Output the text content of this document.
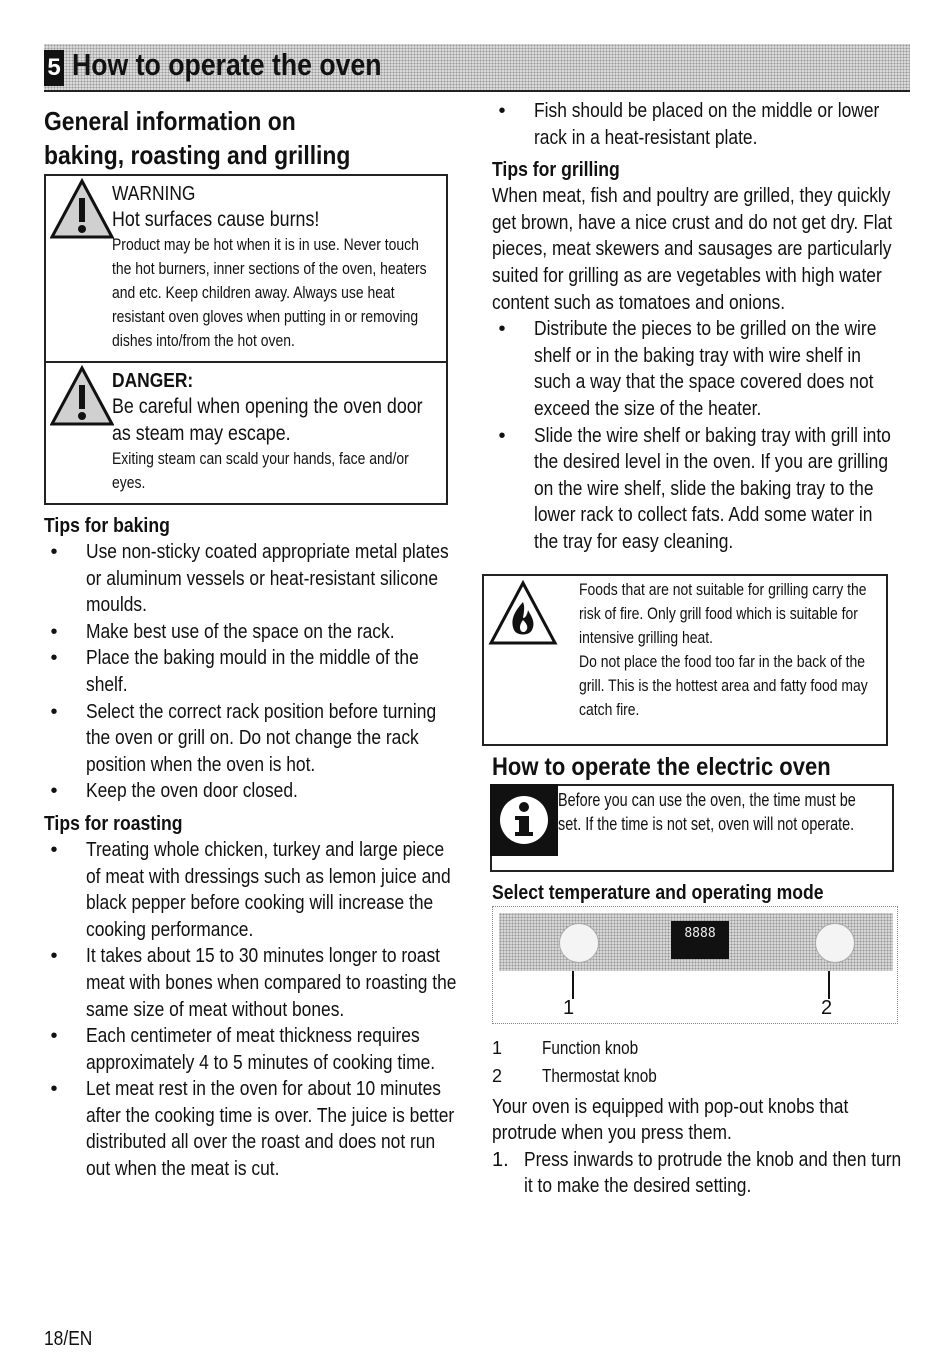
5 How to operate the oven
General information on baking, roasting and grilling
WARNING
Hot surfaces cause burns!
Product may be hot when it is in use. Never touch the hot burners, inner sections of the oven, heaters and etc. Keep children away. Always use heat resistant oven gloves when putting in or removing dishes into/from the hot oven.
DANGER:
Be careful when opening the oven door as steam may escape.
Exiting steam can scald your hands, face and/or eyes.
Tips for baking
•	Use non-sticky coated appropriate metal plates or aluminum vessels or heat-resistant silicone moulds.
•	Make best use of the space on the rack.
•	Place the baking mould in the middle of the shelf.
•	Select the correct rack position before turning the oven or grill on. Do not change the rack position when the oven is hot.
•	Keep the oven door closed.
Tips for roasting
•	Treating whole chicken, turkey and large piece of meat with dressings such as lemon juice and black pepper before cooking will increase the cooking performance.
•	It takes about 15 to 30 minutes longer to roast meat with bones when compared to roasting the same size of meat without bones.
•	Each centimeter of meat thickness requires approximately 4 to 5 minutes of cooking time.
•	Let meat rest in the oven for about 10 minutes after the cooking time is over. The juice is better distributed all over the roast and does not run out when the meat is cut.
•	Fish should be placed on the middle or lower rack in a heat-resistant plate.
Tips for grilling
When meat, fish and poultry are grilled, they quickly get brown, have a nice crust and do not get dry. Flat pieces, meat skewers and sausages are particularly suited for grilling as are vegetables with high water content such as tomatoes and onions.
•	Distribute the pieces to be grilled on the wire shelf or in the baking tray with wire shelf in such a way that the space covered does not exceed the size of the heater.
•	Slide the wire shelf or baking tray with grill into the desired level in the oven. If you are grilling on the wire shelf, slide the baking tray to the lower rack to collect fats. Add some water in the tray for easy cleaning.
Foods that are not suitable for grilling carry the risk of fire. Only grill food which is suitable for intensive grilling heat.
Do not place the food too far in the back of the grill. This is the hottest area and fatty food may catch fire.
How to operate the electric oven
Before you can use the oven, the time must be set. If the time is not set, oven will not operate.
Select temperature and operating mode
8888
1	2
1 Function knob
2 Thermostat knob
Your oven is equipped with pop-out knobs that protrude when you press them.
1. Press inwards to protrude the knob and then turn it to make the desired setting.
18/EN
